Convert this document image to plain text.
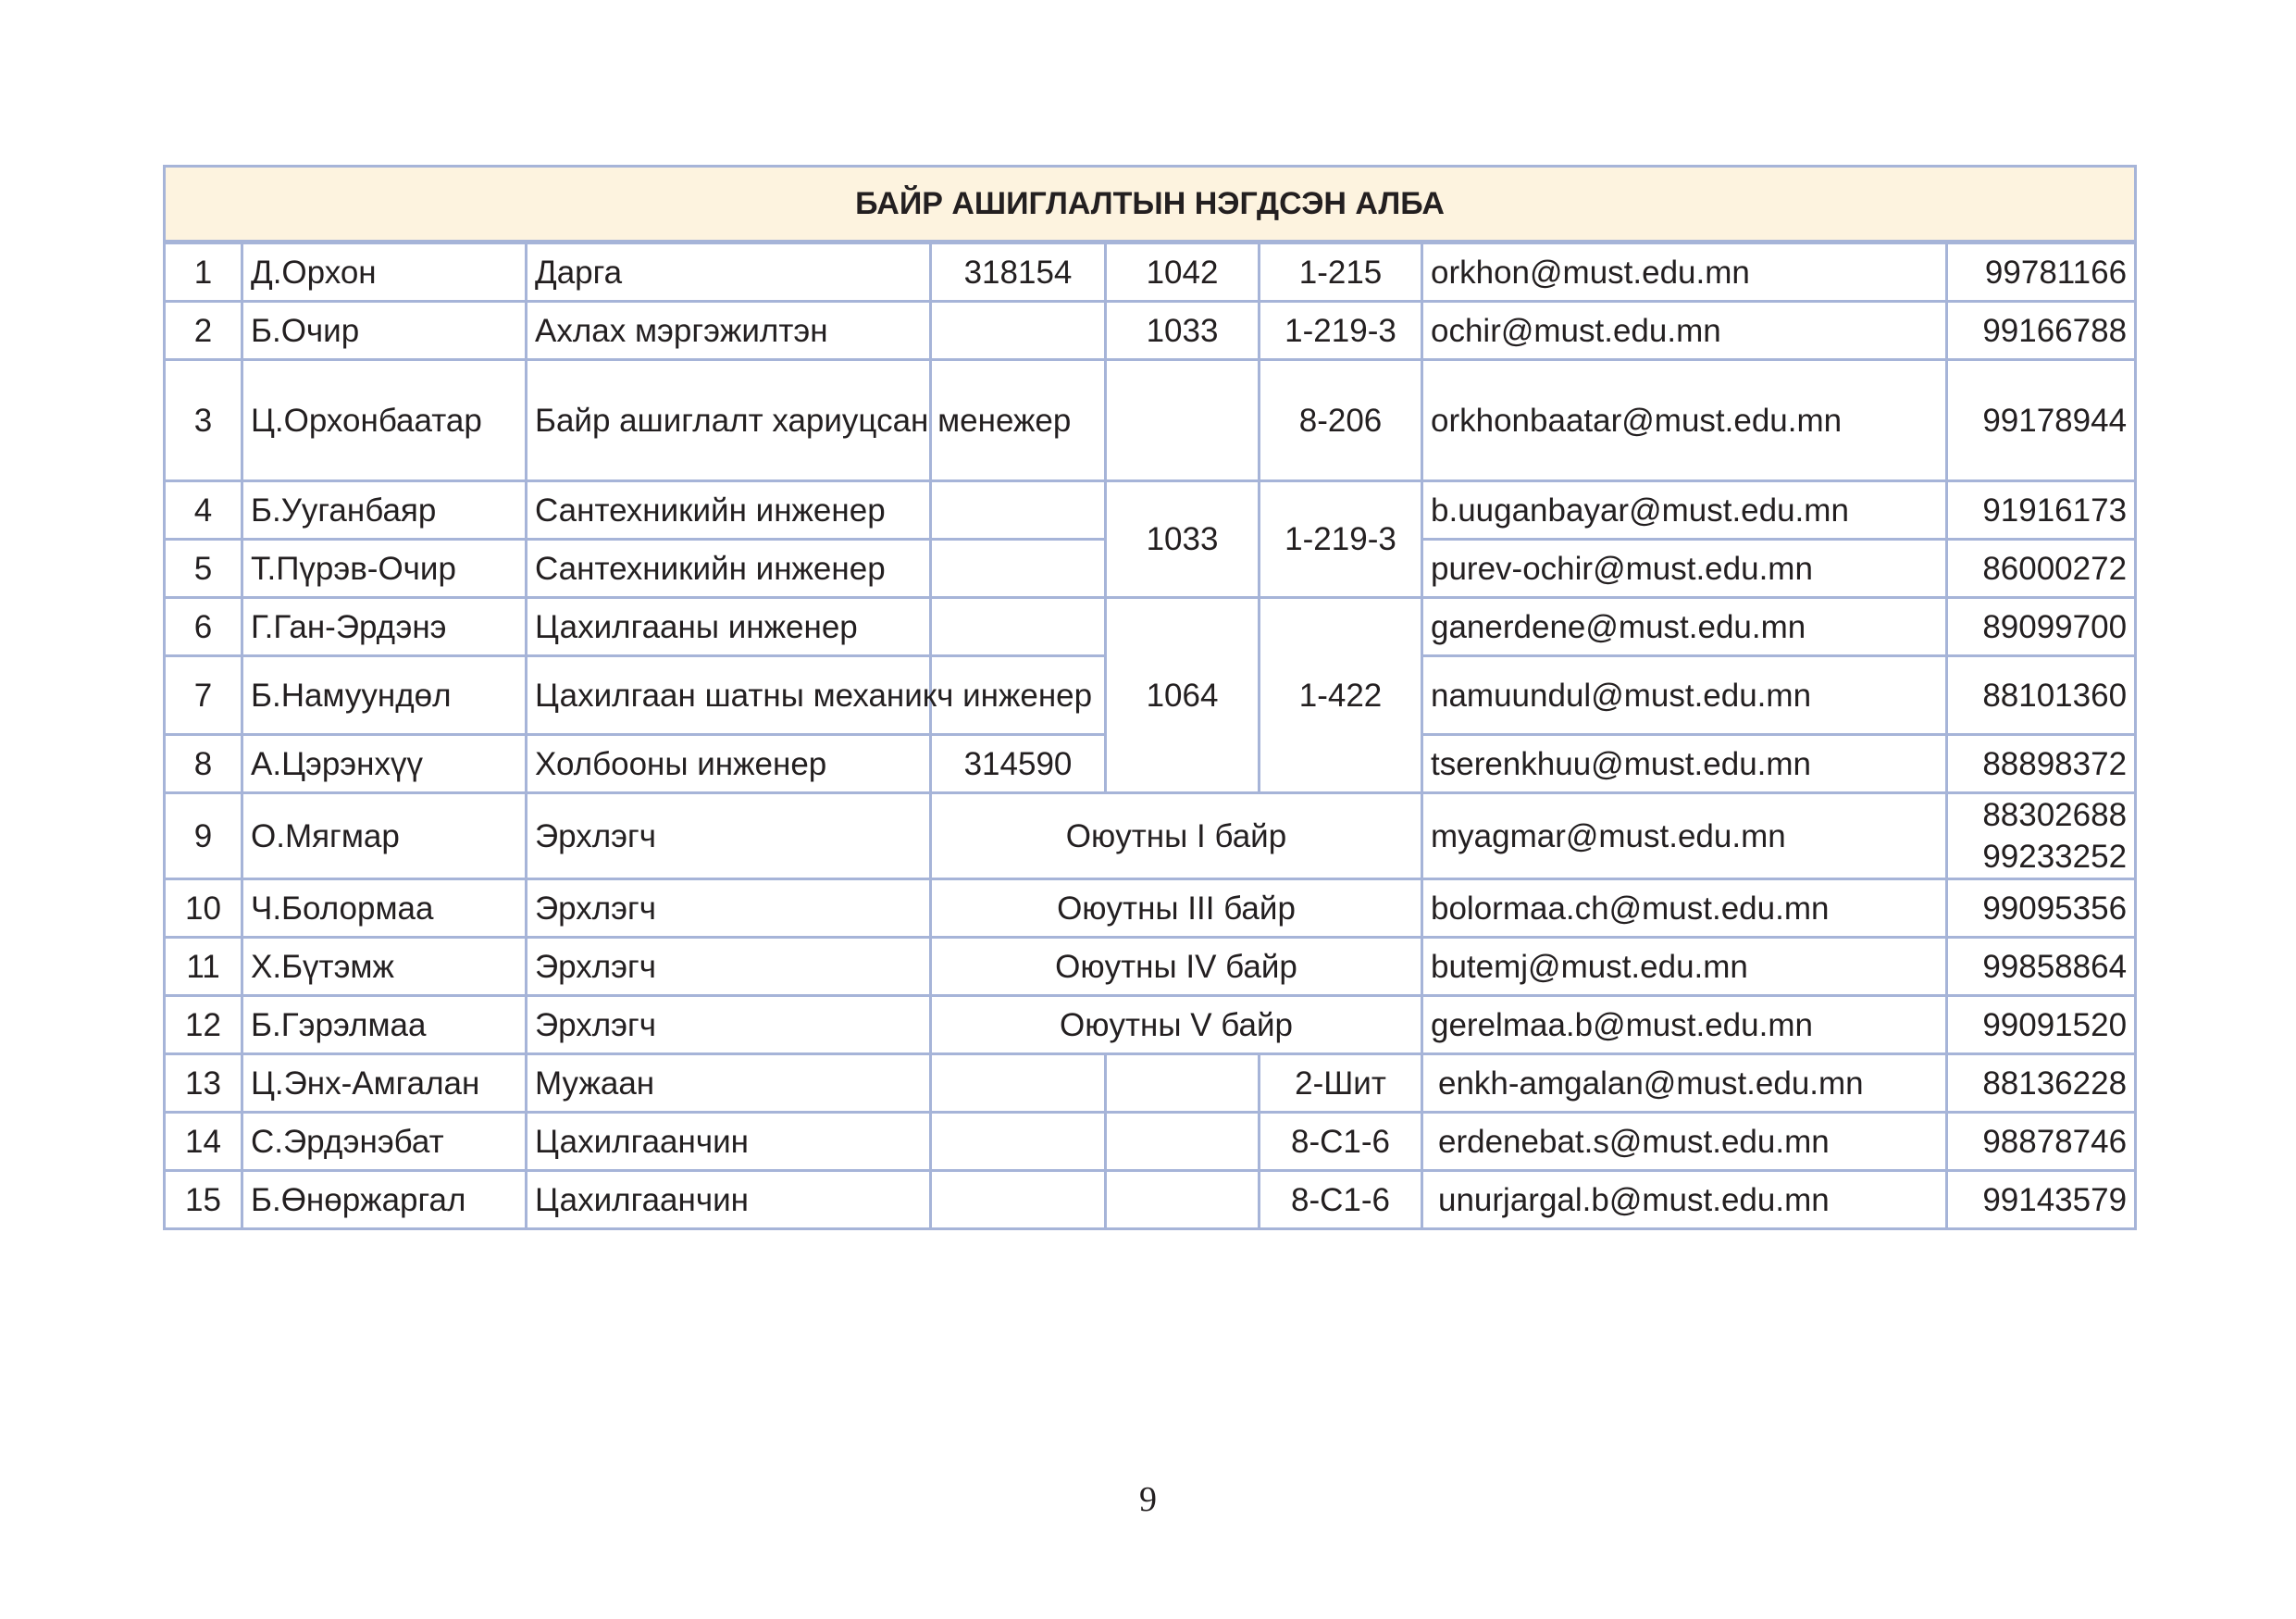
БАЙР АШИГЛАЛТЫН НЭГДСЭН АЛБА							
1	Д.Орхон	Дарга	318154	1042	1-215	orkhon@must.edu.mn	99781166
2	Б.Очир	Ахлах мэргэжилтэн		1033	1-219-3	ochir@must.edu.mn	99166788
3	Ц.Орхонбаатар	Байр ашиглалт хариуцсан менежер			8-206	orkhonbaatar@must.edu.mn	99178944
4	Б.Ууганбаяр	Сантехникийн инженер		1033	1-219-3	b.uuganbayar@must.edu.mn	91916173
5	Т.Пүрэв-Очир	Сантехникийн инженер				purev-ochir@must.edu.mn	86000272
6	Г.Ган-Эрдэнэ	Цахилгааны инженер		1064	1-422	ganerdene@must.edu.mn	89099700
7	Б.Намуундөл	Цахилгаан шатны механикч инженер				namuundul@must.edu.mn	88101360
8	А.Цэрэнхүү	Холбооны инженер	314590			tserenkhuu@must.edu.mn	88898372
9	О.Мягмар	Эрхлэгч	Оюутны I байр			myagmar@must.edu.mn	88302688
99233252

10	Ч.Болормаа	Эрхлэгч	Оюутны III байр			bolormaa.ch@must.edu.mn	99095356
11	Х.Бүтэмж	Эрхлэгч	Оюутны IV байр			butemj@must.edu.mn	99858864
12	Б.Гэрэлмаа	Эрхлэгч	Оюутны V байр			gerelmaa.b@must.edu.mn	99091520
13	Ц.Энх-Амгалан	Мужаан			2-Шит	enkh-amgalan@must.edu.mn	88136228
14	С.Эрдэнэбат	Цахилгаанчин			8-С1-6	erdenebat.s@must.edu.mn	98878746
15	Б.Өнөржаргал	Цахилгаанчин			8-С1-6	unurjargal.b@must.edu.mn	99143579
9
